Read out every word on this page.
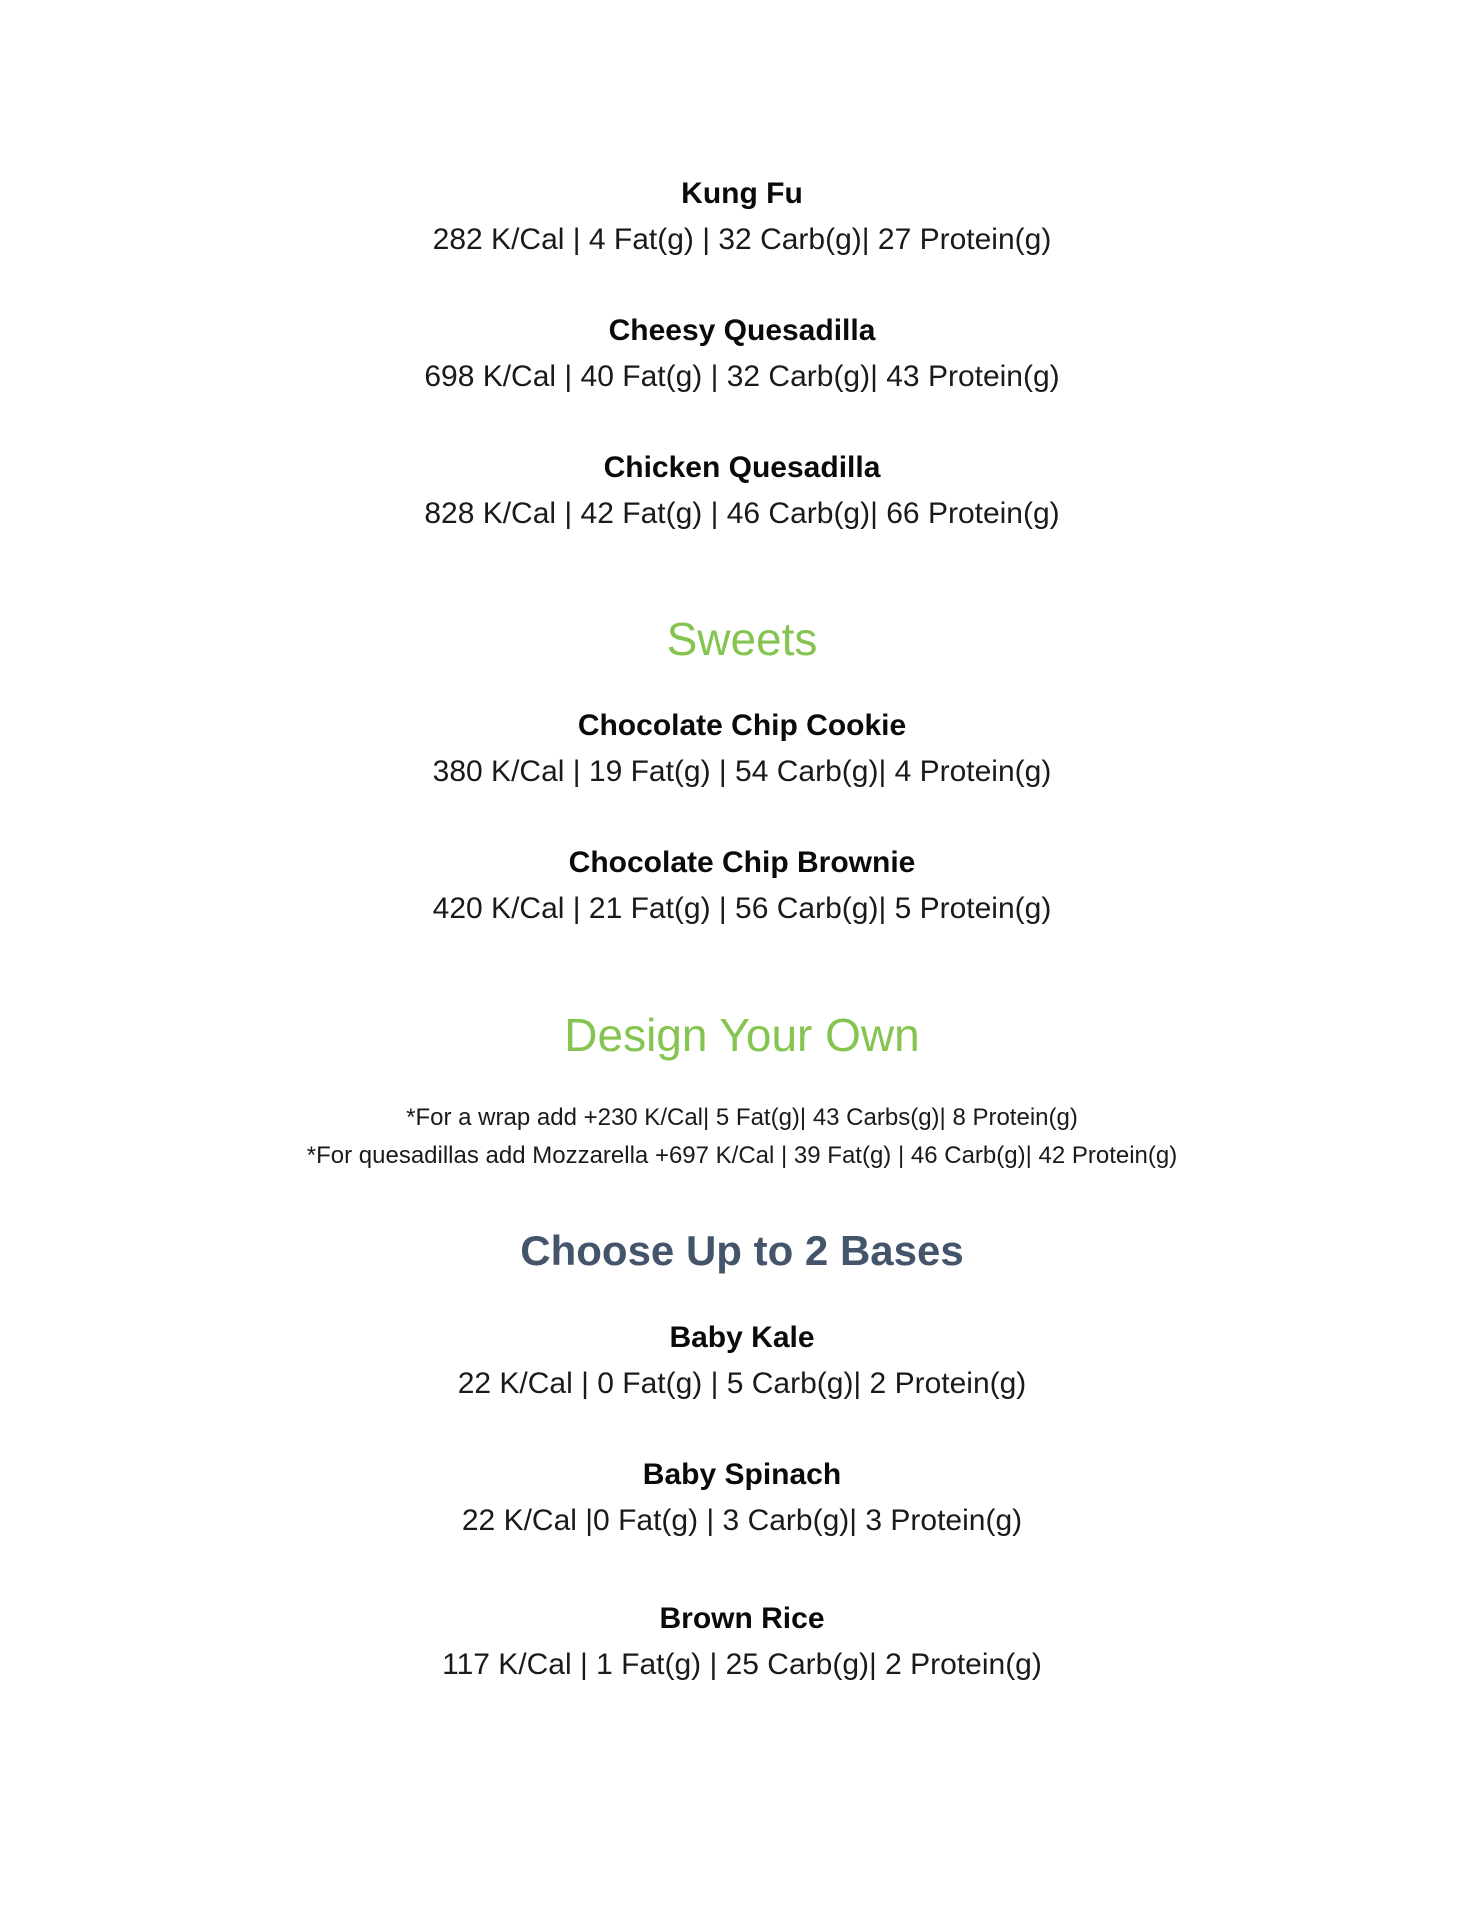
Kung Fu
282 K/Cal | 4 Fat(g) | 32 Carb(g)| 27 Protein(g)
Cheesy Quesadilla
698 K/Cal | 40 Fat(g) | 32 Carb(g)| 43 Protein(g)
Chicken Quesadilla
828 K/Cal | 42 Fat(g) | 46 Carb(g)| 66 Protein(g)
Sweets
Chocolate Chip Cookie
380 K/Cal | 19 Fat(g) | 54 Carb(g)| 4 Protein(g)
Chocolate Chip Brownie
420 K/Cal | 21 Fat(g) | 56 Carb(g)| 5 Protein(g)
Design Your Own
*For a wrap add +230 K/Cal| 5 Fat(g)| 43 Carbs(g)| 8 Protein(g)
*For quesadillas add Mozzarella +697 K/Cal | 39 Fat(g) | 46 Carb(g)| 42 Protein(g)
Choose Up to 2 Bases
Baby Kale
22 K/Cal | 0 Fat(g) | 5 Carb(g)| 2 Protein(g)
Baby Spinach
22 K/Cal |0 Fat(g) | 3 Carb(g)| 3 Protein(g)
Brown Rice
117 K/Cal | 1 Fat(g) | 25 Carb(g)| 2 Protein(g)
